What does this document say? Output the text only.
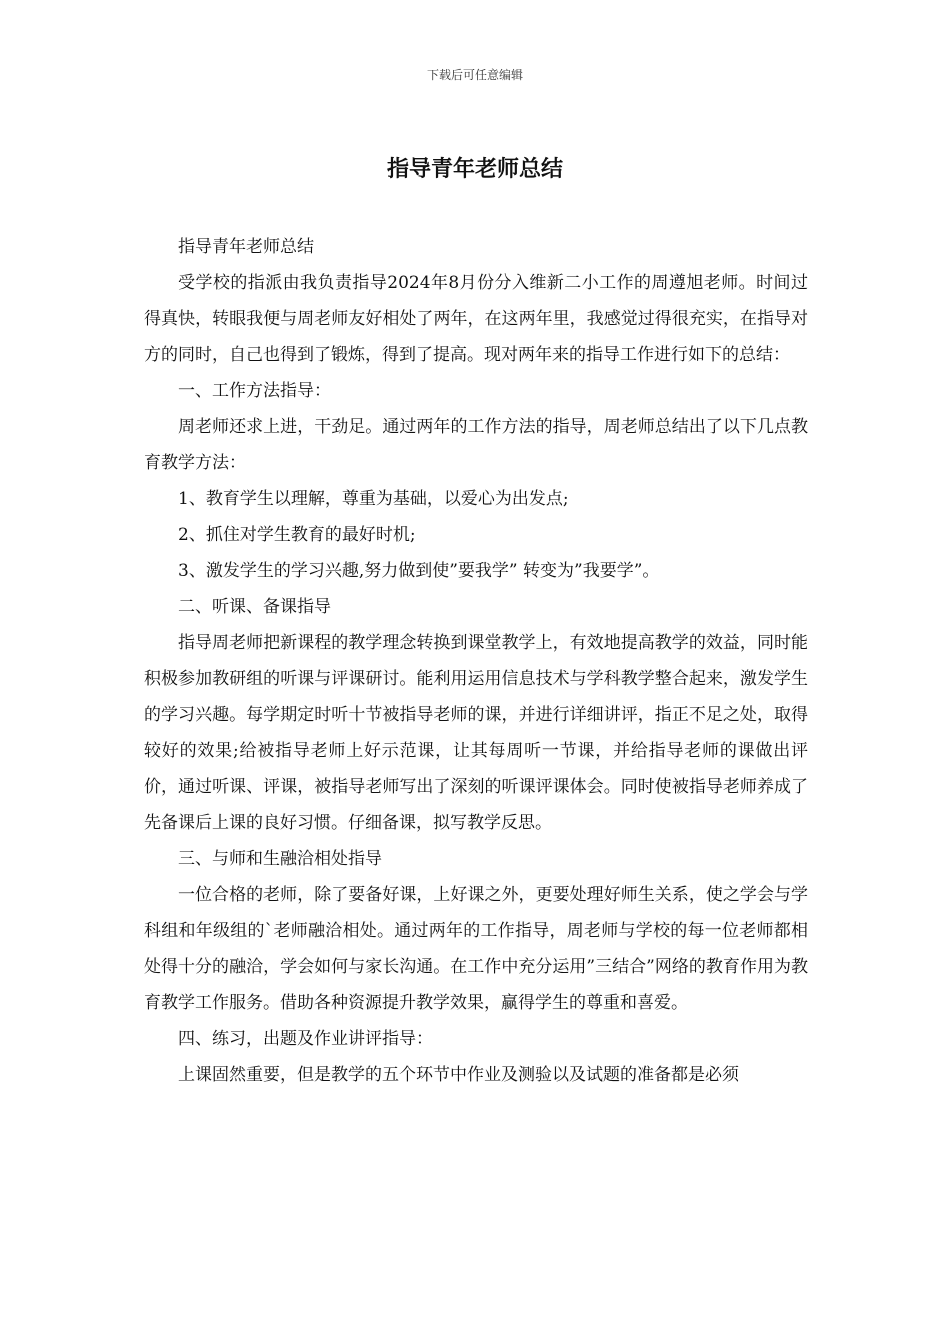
下载后可任意编辑
指导青年老师总结

指导青年老师总结

受学校的指派由我负责指导2024年8月份分入维新二小工作的周遵旭老师。时间过得真快，转眼我便与周老师友好相处了两年，在这两年里，我感觉过得很充实，在指导对方的同时，自己也得到了锻炼，得到了提高。现对两年来的指导工作进行如下的总结：

一、工作方法指导：

周老师还求上进，干劲足。通过两年的工作方法的指导，周老师总结出了以下几点教育教学方法：

1、教育学生以理解，尊重为基础，以爱心为出发点;

2、抓住对学生教育的最好时机;

3、激发学生的学习兴趣,努力做到使”要我学” 转变为”我要学”。

二、听课、备课指导

指导周老师把新课程的教学理念转换到课堂教学上，有效地提高教学的效益，同时能积极参加教研组的听课与评课研讨。能利用运用信息技术与学科教学整合起来，激发学生的学习兴趣。每学期定时听十节被指导老师的课，并进行详细讲评，指正不足之处，取得较好的效果;给被指导老师上好示范课，让其每周听一节课，并给指导老师的课做出评价，通过听课、评课，被指导老师写出了深刻的听课评课体会。同时使被指导老师养成了先备课后上课的良好习惯。仔细备课，拟写教学反思。

三、与师和生融洽相处指导

一位合格的老师，除了要备好课，上好课之外，更要处理好师生关系，使之学会与学科组和年级组的`老师融洽相处。通过两年的工作指导，周老师与学校的每一位老师都相处得十分的融洽，学会如何与家长沟通。在工作中充分运用”三结合”网络的教育作用为教育教学工作服务。借助各种资源提升教学效果，赢得学生的尊重和喜爱。

四、练习，出题及作业讲评指导：

上课固然重要，但是教学的五个环节中作业及测验以及试题的准备都是必须
